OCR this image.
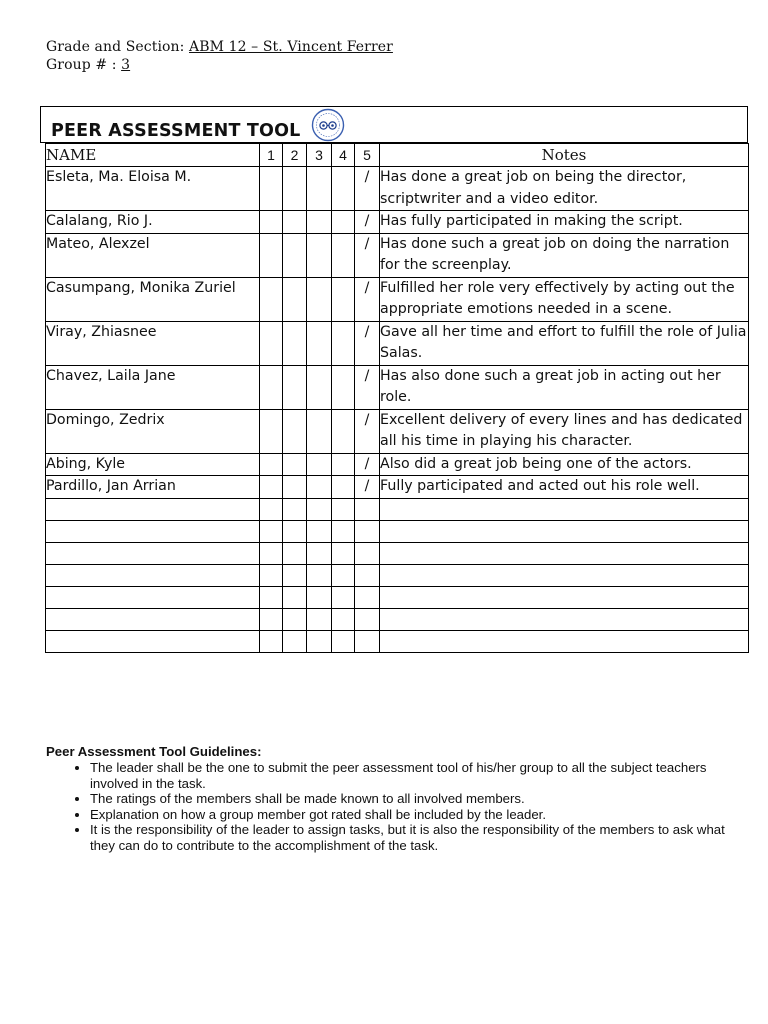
Grade and Section: ABM 12 – St. Vincent Ferrer
Group # : 3
PEER ASSESSMENT TOOL
NAME	1	2	3	4	5	Notes
Esleta, Ma. Eloisa M.					/	Has done a great job on being the director, scriptwriter and a video editor.
Calalang, Rio J.					/	Has fully participated in making the script.
Mateo, Alexzel					/	Has done such a great job on doing the narration for the screenplay.
Casumpang, Monika Zuriel					/	Fulfilled her role very effectively by acting out the appropriate emotions needed in a scene.
Viray, Zhiasnee					/	Gave all her time and effort to fulfill the role of Julia Salas.
Chavez, Laila Jane					/	Has also done such a great job in acting out her role.
Domingo, Zedrix					/	Excellent delivery of every lines and has dedicated all his time in playing his character.
Abing, Kyle					/	Also did a great job being one of the actors.
Pardillo, Jan Arrian					/	Fully participated and acted out his role well.

Peer Assessment Tool Guidelines:
• The leader shall be the one to submit the peer assessment tool of his/her group to all the subject teachers involved in the task.
• The ratings of the members shall be made known to all involved members.
• Explanation on how a group member got rated shall be included by the leader.
• It is the responsibility of the leader to assign tasks, but it is also the responsibility of the members to ask what they can do to contribute to the accomplishment of the task.
